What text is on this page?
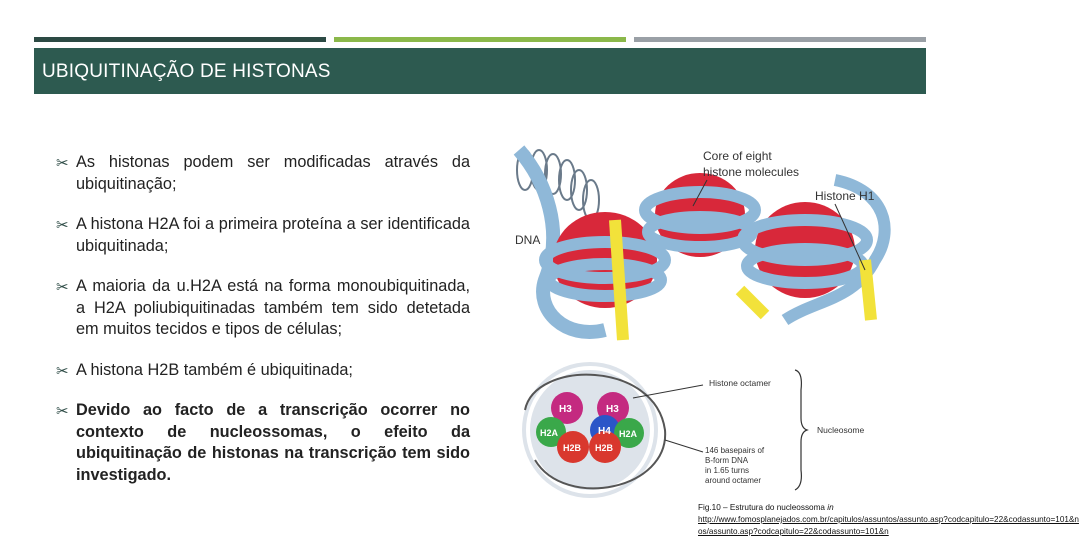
UBIQUITINAÇÃO DE HISTONAS
✂ As histonas podem ser modificadas através da ubiquitinação;
✂ A histona H2A foi a primeira proteína a ser identificada ubiquitinada;
✂ A maioria da u.H2A está na forma monoubiquitinada, a H2A poliubiquitinadas também tem sido detetada em muitos tecidos e tipos de células;
✂ A histona H2B também é ubiquitinada;
✂ Devido ao facto de a transcrição ocorrer no contexto de nucleossomas, o efeito da ubiquitinação de histonas na transcrição tem sido investigado.
Core of eight
histone molecules
Histone H1
DNA
H3	H3
H2A	H4 H2A
H2B H2B
Histone octamer
Nucleosome
146 basepairs of
B-form DNA
in 1.65 turns
around octamer
Fig.10 – Estrutura do nucleossoma in
http://www.fomosplanejados.com.br/capitulos/assuntos/assunto.asp?codcapitulo=22&codassunto=101&n
os/assunto.asp?codcapitulo=22&codassunto=101&n
